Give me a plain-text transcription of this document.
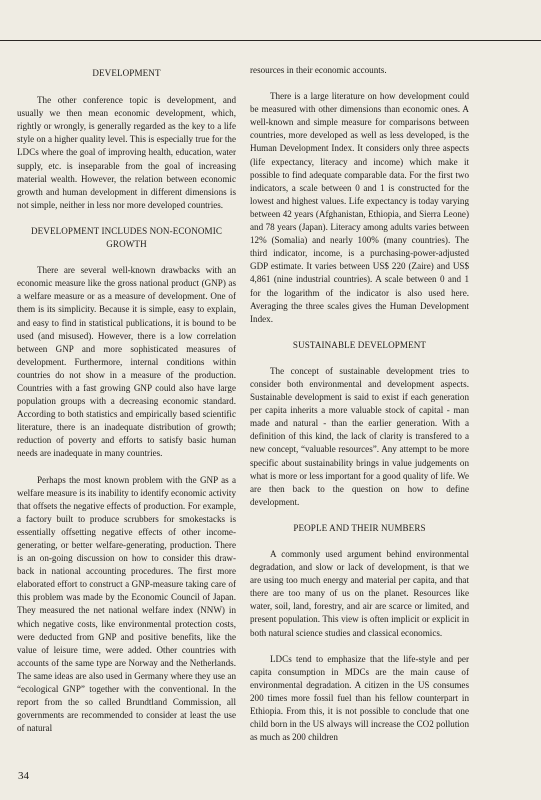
DEVELOPMENT

The other conference topic is development, and usually we then mean economic development, which, rightly or wrongly, is generally regarded as the key to a life style on a higher quality level. This is especially true for the LDCs where the goal of improving health, education, water supply, etc. is inseparable from the goal of increasing material wealth. However, the relation between economic growth and human development in different dimensions is not simple, neither in less nor more developed countries.

DEVELOPMENT INCLUDES NON-ECONOMIC GROWTH

There are several well-known drawbacks with an economic measure like the gross national product (GNP) as a welfare measure or as a measure of development. One of them is its simplicity. Because it is simple, easy to explain, and easy to find in statistical publications, it is bound to be used (and misused). However, there is a low correlation between GNP and more sophisticated measures of development. Furthermore, internal conditions within countries do not show in a measure of the production. Countries with a fast growing GNP could also have large population groups with a decreasing economic standard. According to both statistics and empirically based scientific literature, there is an inadequate distribution of growth; reduction of poverty and efforts to satisfy basic human needs are inadequate in many countries.

Perhaps the most known problem with the GNP as a welfare measure is its inability to identify economic activity that offsets the negative effects of production. For example, a factory built to produce scrubbers for smokestacks is essentially offsetting negative effects of other income-generating, or better welfare-generating, production. There is an on-going discussion on how to consider this draw-back in national accounting procedures. The first more elaborated effort to construct a GNP-measure taking care of this problem was made by the Economic Council of Japan. They measured the net national welfare index (NNW) in which negative costs, like environmental protection costs, were deducted from GNP and positive benefits, like the value of leisure time, were added. Other countries with accounts of the same type are Norway and the Netherlands. The same ideas are also used in Germany where they use an “ecological GNP” together with the conventional. In the report from the so called Brundtland Commission, all governments are recommended to consider at least the use of natural

resources in their economic accounts.

There is a large literature on how development could be measured with other dimensions than economic ones. A well-known and simple measure for comparisons between countries, more developed as well as less developed, is the Human Development Index. It considers only three aspects (life expectancy, literacy and income) which make it possible to find adequate comparable data. For the first two indicators, a scale between 0 and 1 is constructed for the lowest and highest values. Life expectancy is today varying between 42 years (Afghanistan, Ethiopia, and Sierra Leone) and 78 years (Japan). Literacy among adults varies between 12% (Somalia) and nearly 100% (many countries). The third indicator, income, is a purchasing-power-adjusted GDP estimate. It varies between US$ 220 (Zaire) and US$ 4,861 (nine industrial countries). A scale between 0 and 1 for the logarithm of the indicator is also used here. Averaging the three scales gives the Human Development Index.

SUSTAINABLE DEVELOPMENT

The concept of sustainable development tries to consider both environmental and development aspects. Sustainable development is said to exist if each generation per capita inherits a more valuable stock of capital - man made and natural - than the earlier generation. With a definition of this kind, the lack of clarity is transfered to a new concept, “valuable resources”. Any attempt to be more specific about sustainability brings in value judgements on what is more or less important for a good quality of life. We are then back to the question on how to define development.

PEOPLE AND THEIR NUMBERS

A commonly used argument behind environmental degradation, and slow or lack of development, is that we are using too much energy and material per capita, and that there are too many of us on the planet. Resources like water, soil, land, forestry, and air are scarce or limited, and present population. This view is often implicit or explicit in both natural science studies and classical economics.

LDCs tend to emphasize that the life-style and per capita consumption in MDCs are the main cause of environmental degradation. A citizen in the US consumes 200 times more fossil fuel than his fellow counterpart in Ethiopia. From this, it is not possible to conclude that one child born in the US always will increase the CO2 pollution as much as 200 children

34
